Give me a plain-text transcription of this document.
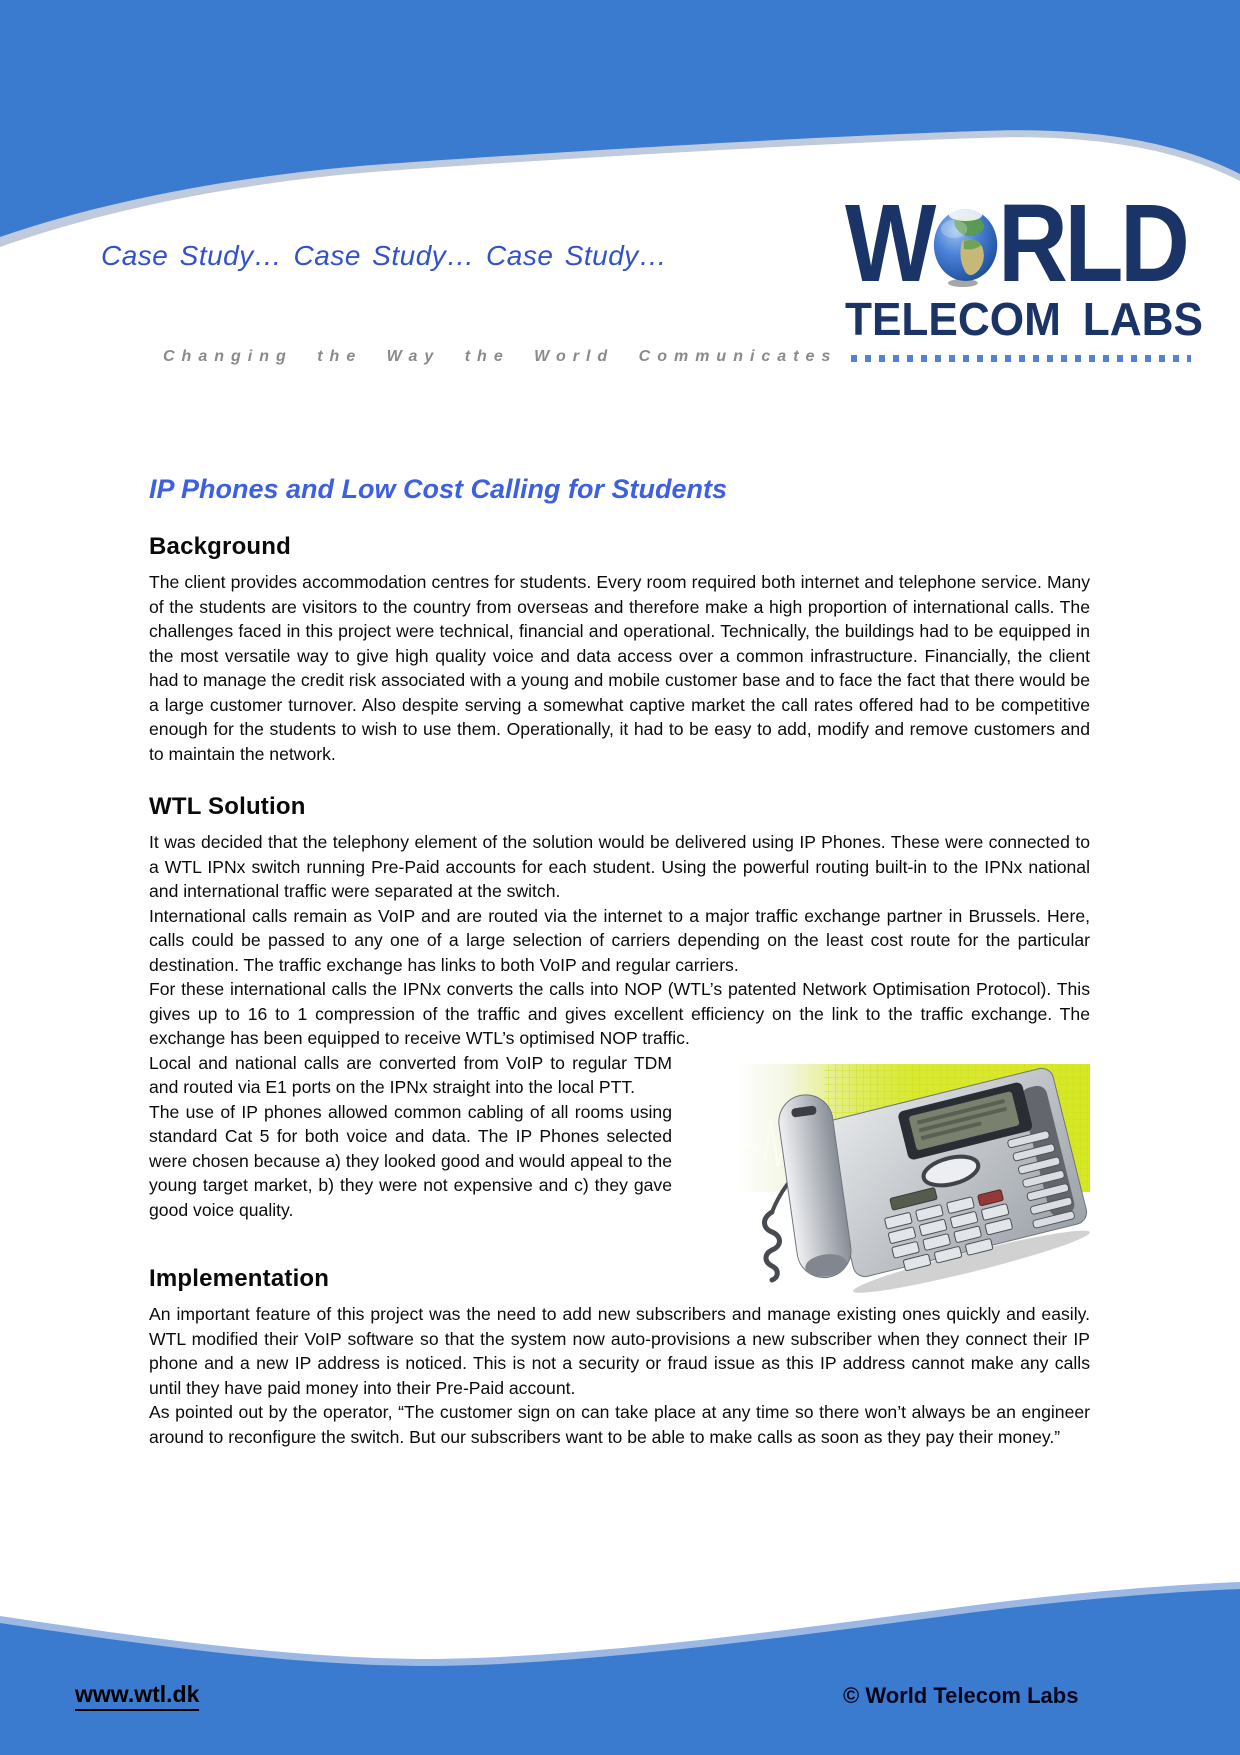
Case Study… Case Study… Case Study… W RLD
TELECOM LABS
Changing the Way the World Communicates
IP Phones and Low Cost Calling for Students
Background

The client provides accommodation centres for students. Every room required both internet and telephone service. Many of the students are visitors to the country from overseas and therefore make a high proportion of international calls. The challenges faced in this project were technical, financial and operational. Technically, the buildings had to be equipped in the most versatile way to give high quality voice and data access over a common infrastructure. Financially, the client had to manage the credit risk associated with a young and mobile customer base and to face the fact that there would be a large customer turnover. Also despite serving a somewhat captive market the call rates offered had to be competitive enough for the students to wish to use them. Operationally, it had to be easy to add, modify and remove customers and to maintain the network.

WTL Solution

It was decided that the telephony element of the solution would be delivered using IP Phones. These were connected to a WTL IPNx switch running Pre-Paid accounts for each student. Using the powerful routing built-in to the IPNx national and international traffic were separated at the switch.

International calls remain as VoIP and are routed via the internet to a major traffic exchange partner in Brussels. Here, calls could be passed to any one of a large selection of carriers depending on the least cost route for the particular destination. The traffic exchange has links to both VoIP and regular carriers.

For these international calls the IPNx converts the calls into NOP (WTL’s patented Network Optimisation Protocol). This gives up to 16 to 1 compression of the traffic and gives excellent efficiency on the link to the traffic exchange. The exchange has been equipped to receive WTL’s optimised NOP traffic.

Local and national calls are converted from VoIP to regular TDM and routed via E1 ports on the IPNx straight into the local PTT.

The use of IP phones allowed common cabling of all rooms using standard Cat 5 for both voice and data. The IP Phones selected were chosen because a) they looked good and would appeal to the young target market, b) they were not expensive and c) they gave good voice quality.

Implementation

An important feature of this project was the need to add new subscribers and manage existing ones quickly and easily. WTL modified their VoIP software so that the system now auto-provisions a new subscriber when they connect their IP phone and a new IP address is noticed. This is not a security or fraud issue as this IP address cannot make any calls until they have paid money into their Pre-Paid account.

As pointed out by the operator, “The customer sign on can take place at any time so there won’t always be an engineer around to reconfigure the switch. But our subscribers want to be able to make calls as soon as they pay their money.”

www.wtl.dk	© World Telecom Labs
